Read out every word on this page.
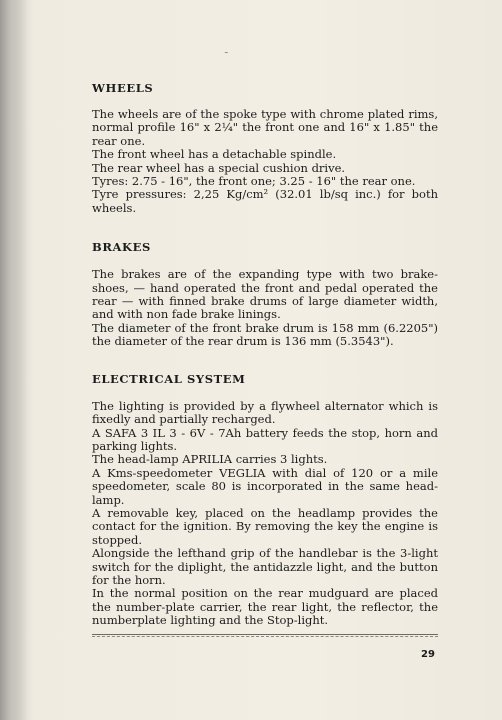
˜

WHEELS

The wheels are of the spoke type with chrome plated rims, normal profile 16" x 2¼" the front one and 16" x 1.85" the rear one.

The front wheel has a detachable spindle.

The rear wheel has a special cushion drive.

Tyres: 2.75 - 16", the front one; 3.25 - 16" the rear one.

Tyre pressures: 2,25 Kg/cm² (32.01 lb/sq inc.) for both wheels.

BRAKES

The brakes are of the expanding type with two brake-shoes, — hand operated the front and pedal operated the rear — with finned brake drums of large diameter width, and with non fade brake linings.

The diameter of the front brake drum is 158 mm (6.2205") the diameter of the rear drum is 136 mm (5.3543").

ELECTRICAL SYSTEM

The lighting is provided by a flywheel alternator which is fixedly and partially recharged.

A SAFA 3 IL 3 - 6V - 7Ah battery feeds the stop, horn and parking lights.

The head-lamp APRILIA carries 3 lights.

A Kms-speedometer VEGLIA with dial of 120 or a mile speedometer, scale 80 is incorporated in the same head-lamp.

A removable key, placed on the headlamp provides the contact for the ignition. By removing the key the engine is stopped.

Alongside the lefthand grip of the handlebar is the 3-light switch for the diplight, the antidazzle light, and the button for the horn.

In the normal position on the rear mudguard are placed the number-plate carrier, the rear light, the reflector, the numberplate lighting and the Stop-light.

29
